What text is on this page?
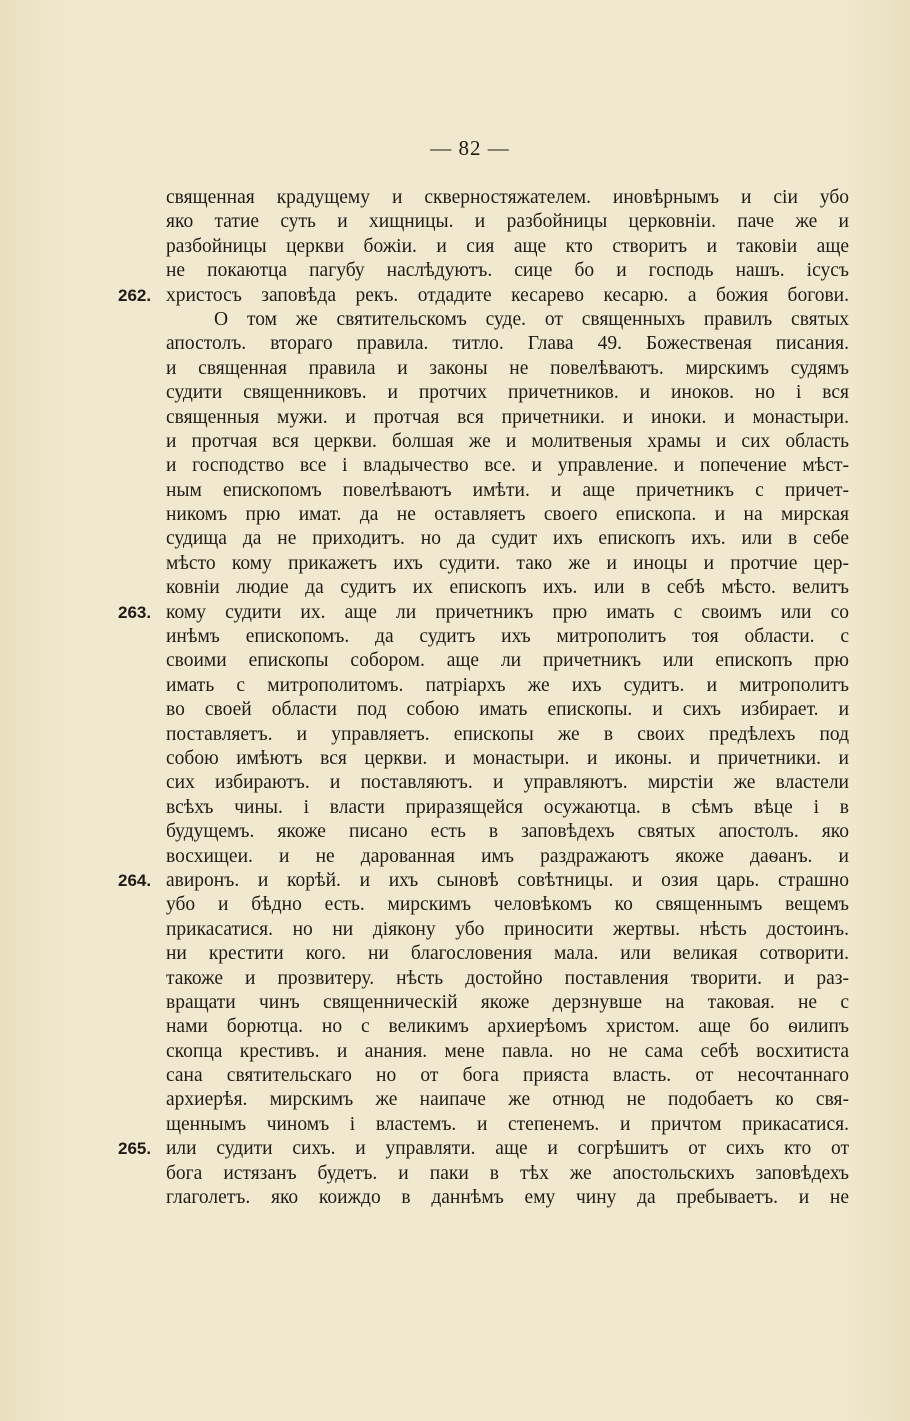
— 82 —
священная крадущему и скверностяжателем. иновѣрнымъ и сіи убо
яко татие суть и хищницы. и разбойницы церковніи. паче же и
разбойницы церкви божіи. и сия аще кто створитъ и таковіи аще
не покаютца пагубу наслѣдуютъ. сице бо и господь нашъ. ісусъ
262. христосъ заповѣда рекъ. отдадите кесарево кесарю. а божия богови.
О том же святительскомъ суде. от священныхъ правилъ святых
апостолъ. втораго правила. титло. Глава 49. Божественая писания.
и священная правила и законы не повелѣваютъ. мирскимъ судямъ
судити священниковъ. и протчих причетников. и иноков. но і вся
священныя мужи. и протчая вся причетники. и иноки. и монастыри.
и протчая вся церкви. болшая же и молитвеныя храмы и сих область
и господство все і владычество все. и управление. и попечение мѣст-
ным епископомъ повелѣваютъ имѣти. и аще причетникъ с причет-
никомъ прю имат. да не оставляетъ своего епископа. и на мирская
судища да не приходитъ. но да судит ихъ епископъ ихъ. или в себе
мѣсто кому прикажетъ ихъ судити. тако же и иноцы и протчие цер-
ковніи людие да судитъ их епископъ ихъ. или в себѣ мѣсто. велитъ
263. кому судити их. аще ли причетникъ прю имать с своимъ или со
инѣмъ епископомъ. да судитъ ихъ митрополитъ тоя области. с
своими епископы собором. аще ли причетникъ или епископъ прю
имать с митрополитомъ. патріархъ же ихъ судитъ. и митрополитъ
во своей области под собою имать епископы. и сихъ избирает. и
поставляетъ. и управляетъ. епископы же в своих предѣлехъ под
собою имѣютъ вся церкви. и монастыри. и иконы. и причетники. и
сих избираютъ. и поставляютъ. и управляютъ. мирстіи же властели
всѣхъ чины. і власти приразящейся осужаютца. в сѣмъ вѣце і в
будущемъ. якоже писано есть в заповѣдехъ святых апостолъ. яко
восхищеи. и не дарованная имъ раздражаютъ якоже даѳанъ. и
264. авиронъ. и корѣй. и ихъ сыновѣ совѣтницы. и озия царь. страшно
убо и бѣдно есть. мирскимъ человѣкомъ ко священнымъ вещемъ
прикасатися. но ни діякону убо приносити жертвы. нѣсть достоинъ.
ни крестити кого. ни благословения мала. или великая сотворити.
такоже и прозвитеру. нѣсть достойно поставления творити. и раз-
вращати чинъ священническій якоже дерзнувше на таковая. не с
нами борютца. но с великимъ архиерѣомъ христом. аще бо ѳилипъ
скопца крестивъ. и анания. мене павла. но не сама себѣ восхитиста
сана святительскаго но от бога прияста власть. от несочтаннаго
архиерѣя. мирскимъ же наипаче же отнюд не подобаетъ ко свя-
щеннымъ чиномъ і властемъ. и степенемъ. и причтом прикасатися.
265. или судити сихъ. и управляти. аще и согрѣшитъ от сихъ кто от
бога истязанъ будетъ. и паки в тѣх же апостольскихъ заповѣдехъ
глаголетъ. яко коиждо в даннѣмъ ему чину да пребываетъ. и не
